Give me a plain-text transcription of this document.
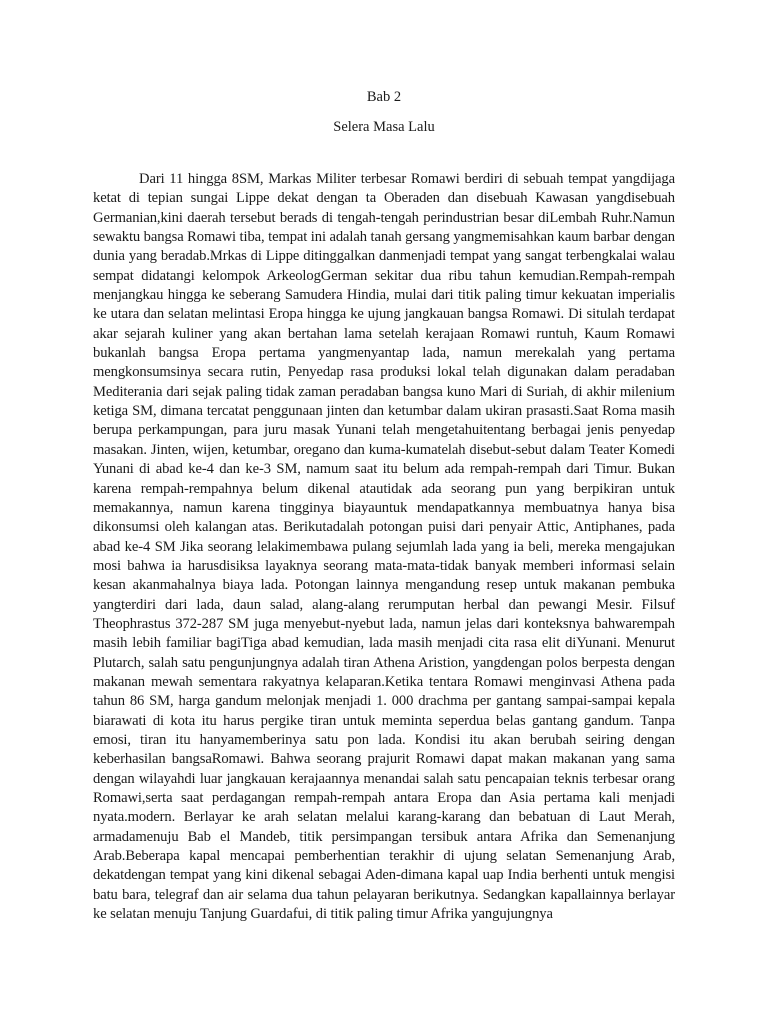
Bab 2
Selera Masa Lalu

Dari 11 hingga 8SM, Markas Militer terbesar Romawi berdiri di sebuah tempat yangdijaga ketat di tepian sungai Lippe dekat dengan ta Oberaden dan disebuah Kawasan yangdisebuah Germanian,kini daerah tersebut berads di tengah-tengah perindustrian besar diLembah Ruhr.Namun sewaktu bangsa Romawi tiba, tempat ini adalah tanah gersang yangmemisahkan kaum barbar dengan dunia yang beradab.Mrkas di Lippe ditinggalkan danmenjadi tempat yang sangat terbengkalai walau sempat didatangi kelompok ArkeologGerman sekitar dua ribu tahun kemudian.Rempah-rempah menjangkau hingga ke seberang Samudera Hindia, mulai dari titik paling timur kekuatan imperialis ke utara dan selatan melintasi Eropa hingga ke ujung jangkauan bangsa Romawi. Di situlah terdapat akar sejarah kuliner yang akan bertahan lama setelah kerajaan Romawi runtuh, Kaum Romawi bukanlah bangsa Eropa pertama yangmenyantap lada, namun merekalah yang pertama mengkonsumsinya secara rutin, Penyedap rasa produksi lokal telah digunakan dalam peradaban Mediterania dari sejak paling tidak zaman peradaban bangsa kuno Mari di Suriah, di akhir milenium ketiga SM, dimana tercatat penggunaan jinten dan ketumbar dalam ukiran prasasti.Saat Roma masih berupa perkampungan, para juru masak Yunani telah mengetahuitentang berbagai jenis penyedap masakan. Jinten, wijen, ketumbar, oregano dan kuma-kumatelah disebut-sebut dalam Teater Komedi Yunani di abad ke-4 dan ke-3 SM, namum saat itu belum ada rempah-rempah dari Timur. Bukan karena rempah-rempahnya belum dikenal atautidak ada seorang pun yang berpikiran untuk memakannya, namun karena tingginya biayauntuk mendapatkannya membuatnya hanya bisa dikonsumsi oleh kalangan atas. Berikutadalah potongan puisi dari penyair Attic, Antiphanes, pada abad ke-4 SM Jika seorang lelakimembawa pulang sejumlah lada yang ia beli, mereka mengajukan mosi bahwa ia harusdisiksa layaknya seorang mata-mata-tidak banyak memberi informasi selain kesan akanmahalnya biaya lada. Potongan lainnya mengandung resep untuk makanan pembuka yangterdiri dari lada, daun salad, alang-alang rerumputan herbal dan pewangi Mesir. Filsuf Theophrastus 372-287 SM juga menyebut-nyebut lada, namun jelas dari konteksnya bahwarempah masih lebih familiar bagiTiga abad kemudian, lada masih menjadi cita rasa elit diYunani. Menurut Plutarch, salah satu pengunjungnya adalah tiran Athena Aristion, yangdengan polos berpesta dengan makanan mewah sementara rakyatnya kelaparan.Ketika tentara Romawi menginvasi Athena pada tahun 86 SM, harga gandum melonjak menjadi 1. 000 drachma per gantang sampai-sampai kepala biarawati di kota itu harus pergike tiran untuk meminta seperdua belas gantang gandum. Tanpa emosi, tiran itu hanyamemberinya satu pon lada. Kondisi itu akan berubah seiring dengan keberhasilan bangsaRomawi. Bahwa seorang prajurit Romawi dapat makan makanan yang sama dengan wilayahdi luar jangkauan kerajaannya menandai salah satu pencapaian teknis terbesar orang Romawi,serta saat perdagangan rempah-rempah antara Eropa dan Asia pertama kali menjadi nyata.modern. Berlayar ke arah selatan melalui karang-karang dan bebatuan di Laut Merah, armadamenuju Bab el Mandeb, titik persimpangan tersibuk antara Afrika dan Semenanjung Arab.Beberapa kapal mencapai pemberhentian terakhir di ujung selatan Semenanjung Arab, dekatdengan tempat yang kini dikenal sebagai Aden-dimana kapal uap India berhenti untuk mengisi batu bara, telegraf dan air selama dua tahun pelayaran berikutnya. Sedangkan kapallainnya berlayar ke selatan menuju Tanjung Guardafui, di titik paling timur Afrika yangujungnya
